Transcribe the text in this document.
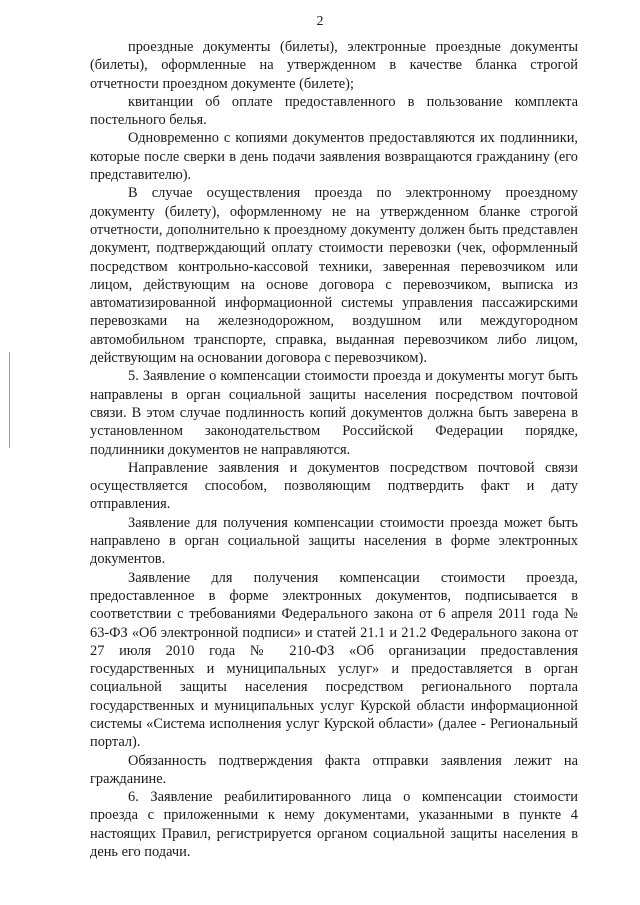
2

проездные документы (билеты), электронные проездные документы (билеты), оформленные на утвержденном в качестве бланка строгой отчетности проездном документе (билете);

квитанции об оплате предоставленного в пользование комплекта постельного белья.

Одновременно с копиями документов предоставляются их подлинники, которые после сверки в день подачи заявления возвращаются гражданину (его представителю).

В случае осуществления проезда по электронному проездному документу (билету), оформленному не на утвержденном бланке строгой отчетности, дополнительно к проездному документу должен быть представлен документ, подтверждающий оплату стоимости перевозки (чек, оформленный посредством контрольно-кассовой техники, заверенная перевозчиком или лицом, действующим на основе договора с перевозчиком, выписка из автоматизированной информационной системы управления пассажирскими перевозками на железнодорожном, воздушном или междугородном автомобильном транспорте, справка, выданная перевозчиком либо лицом, действующим на основании договора с перевозчиком).

5. Заявление о компенсации стоимости проезда и документы могут быть направлены в орган социальной защиты населения посредством почтовой связи. В этом случае подлинность копий документов должна быть заверена в установленном законодательством Российской Федерации порядке, подлинники документов не направляются.

Направление заявления и документов посредством почтовой связи осуществляется способом, позволяющим подтвердить факт и дату отправления.

Заявление для получения компенсации стоимости проезда может быть направлено в орган социальной защиты населения в форме электронных документов.

Заявление для получения компенсации стоимости проезда, предоставленное в форме электронных документов, подписывается в соответствии с требованиями Федерального закона от 6 апреля 2011 года № 63-ФЗ «Об электронной подписи» и статей 21.1 и 21.2 Федерального закона от 27 июля 2010 года № 210-ФЗ «Об организации предоставления государственных и муниципальных услуг» и предоставляется в орган социальной защиты населения посредством регионального портала государственных и муниципальных услуг Курской области информационной системы «Система исполнения услуг Курской области» (далее - Региональный портал).

Обязанность подтверждения факта отправки заявления лежит на гражданине.

6. Заявление реабилитированного лица о компенсации стоимости проезда с приложенными к нему документами, указанными в пункте 4 настоящих Правил, регистрируется органом социальной защиты населения в день его подачи.
